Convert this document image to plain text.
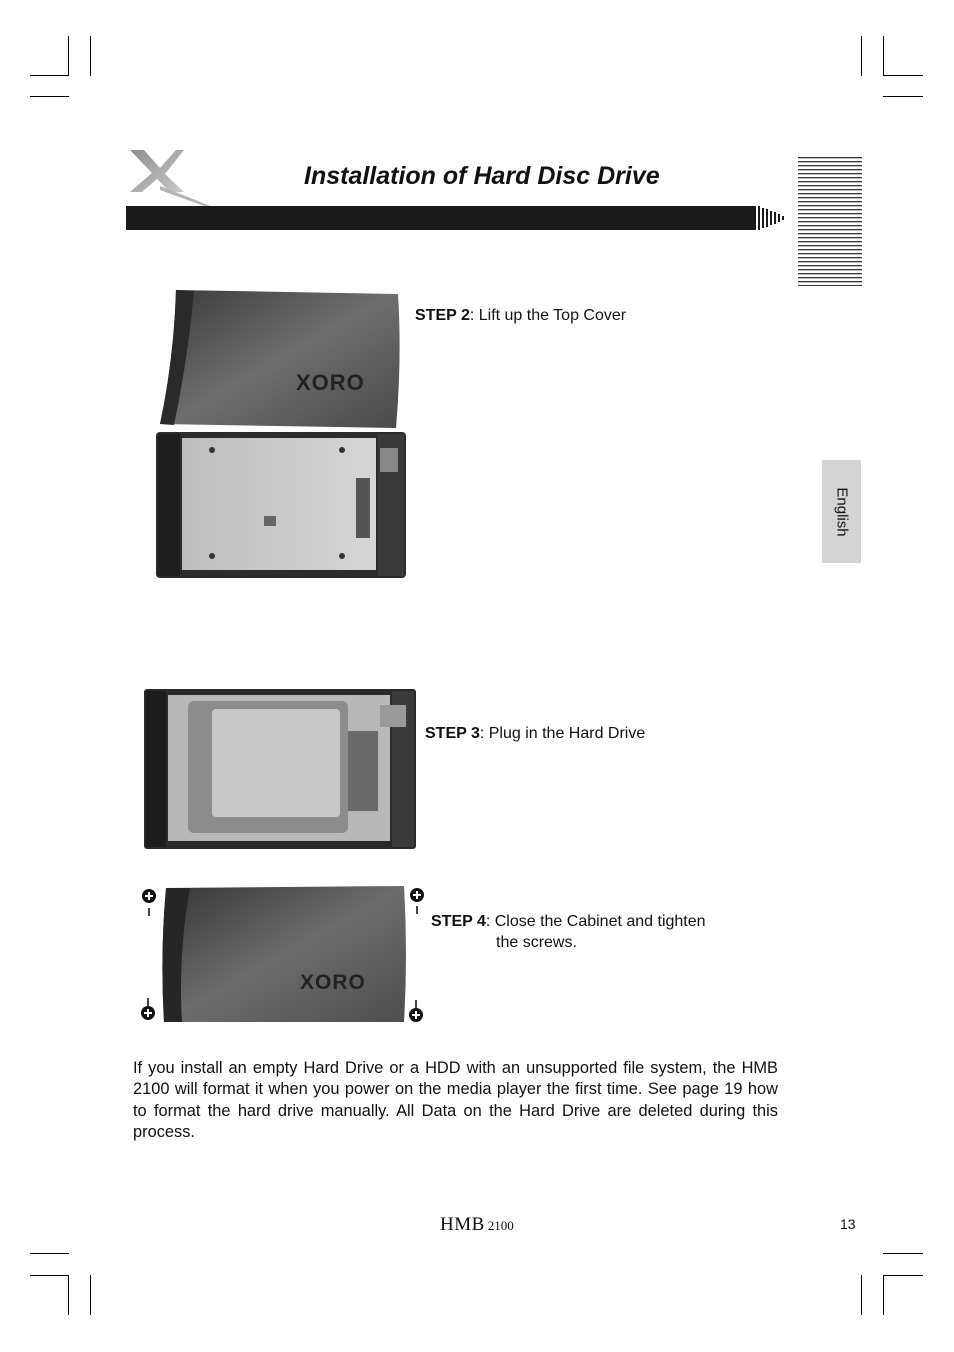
Installation of Hard Disc Drive
English
XORO
STEP 2: Lift up the Top Cover
STEP 3: Plug in the Hard Drive
XORO
STEP 4: Close the Cabinet and tighten
the screws.
If you install an empty Hard Drive or a HDD with an unsupported file system, the HMB 2100 will format it when you power on the media player the first time. See page 19 how to format the hard drive manually. All Data on the Hard Drive are deleted during this process.
HMB 2100	13
